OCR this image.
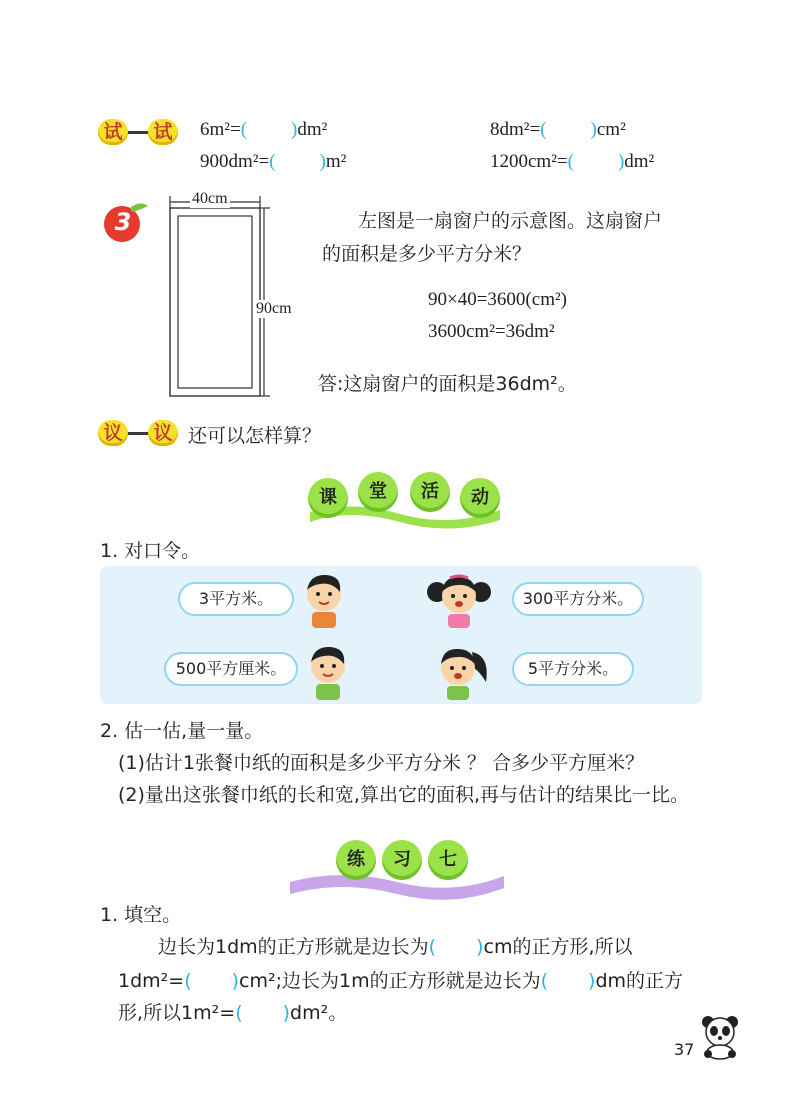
试 试 6m²=( )dm²	8dm²=( )cm²
900dm²=( )m²	1200cm²=( )dm²
3
40cm
90cm
左图是一扇窗户的示意图。这扇窗户
的面积是多少平方分米？
90×40=3600(cm²)
3600cm²=36dm²
答:这扇窗户的面积是36dm²。
议 议 还可以怎样算？
课	堂	活	动
1. 对口令。
3平方米。	300平方分米。
500平方厘米。	5平方分米。
2. 估一估,量一量。
(1)估计1张餐巾纸的面积是多少平方分米 ？ 合多少平方厘米？
(2)量出这张餐巾纸的长和宽,算出它的面积,再与估计的结果比一比。
练	习	七
1. 填空。
边长为1dm的正方形就是边长为( )cm的正方形,所以
1dm²=( )cm²;边长为1m的正方形就是边长为( )dm的正方
形,所以1m²=( )dm²。
37
